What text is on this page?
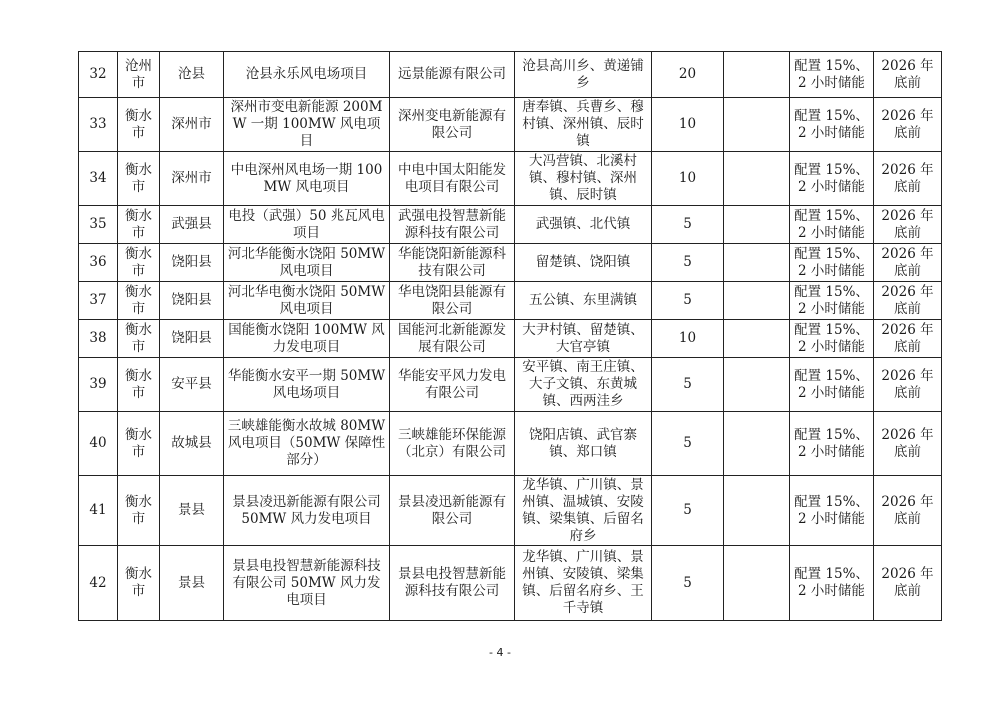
32	沧州市	沧县	沧县永乐风电场项目	远景能源有限公司	沧县高川乡、黄递铺乡	20		配置 15%、2 小时储能	2026 年底前
33	衡水市	深州市	深州市变电新能源 200MW 一期 100MW 风电项目	深州变电新能源有限公司	唐奉镇、兵曹乡、穆村镇、深州镇、辰时镇	10		配置 15%、2 小时储能	2026 年底前
34	衡水市	深州市	中电深州风电场一期 100MW 风电项目	中电中国太阳能发电项目有限公司	大冯营镇、北溪村镇、穆村镇、深州镇、辰时镇	10		配置 15%、2 小时储能	2026 年底前
35	衡水市	武强县	电投（武强）50 兆瓦风电项目	武强电投智慧新能源科技有限公司	武强镇、北代镇	5		配置 15%、2 小时储能	2026 年底前
36	衡水市	饶阳县	河北华能衡水饶阳 50MW 风电项目	华能饶阳新能源科技有限公司	留楚镇、饶阳镇	5		配置 15%、2 小时储能	2026 年底前
37	衡水市	饶阳县	河北华电衡水饶阳 50MW 风电项目	华电饶阳县能源有限公司	五公镇、东里满镇	5		配置 15%、2 小时储能	2026 年底前
38	衡水市	饶阳县	国能衡水饶阳 100MW 风力发电项目	国能河北新能源发展有限公司	大尹村镇、留楚镇、大官亭镇	10		配置 15%、2 小时储能	2026 年底前
39	衡水市	安平县	华能衡水安平一期 50MW 风电场项目	华能安平风力发电有限公司	安平镇、南王庄镇、大子文镇、东黄城镇、西两洼乡	5		配置 15%、2 小时储能	2026 年底前
40	衡水市	故城县	三峡雄能衡水故城 80MW 风电项目（50MW 保障性部分）	三峡雄能环保能源（北京）有限公司	饶阳店镇、武官寨镇、郑口镇	5		配置 15%、2 小时储能	2026 年底前
41	衡水市	景县	景县凌迅新能源有限公司 50MW 风力发电项目	景县凌迅新能源有限公司	龙华镇、广川镇、景州镇、温城镇、安陵镇、梁集镇、后留名府乡	5		配置 15%、2 小时储能	2026 年底前
42	衡水市	景县	景县电投智慧新能源科技有限公司 50MW 风力发电项目	景县电投智慧新能源科技有限公司	龙华镇、广川镇、景州镇、安陵镇、梁集镇、后留名府乡、王千寺镇	5		配置 15%、2 小时储能	2026 年底前
- 4 -
